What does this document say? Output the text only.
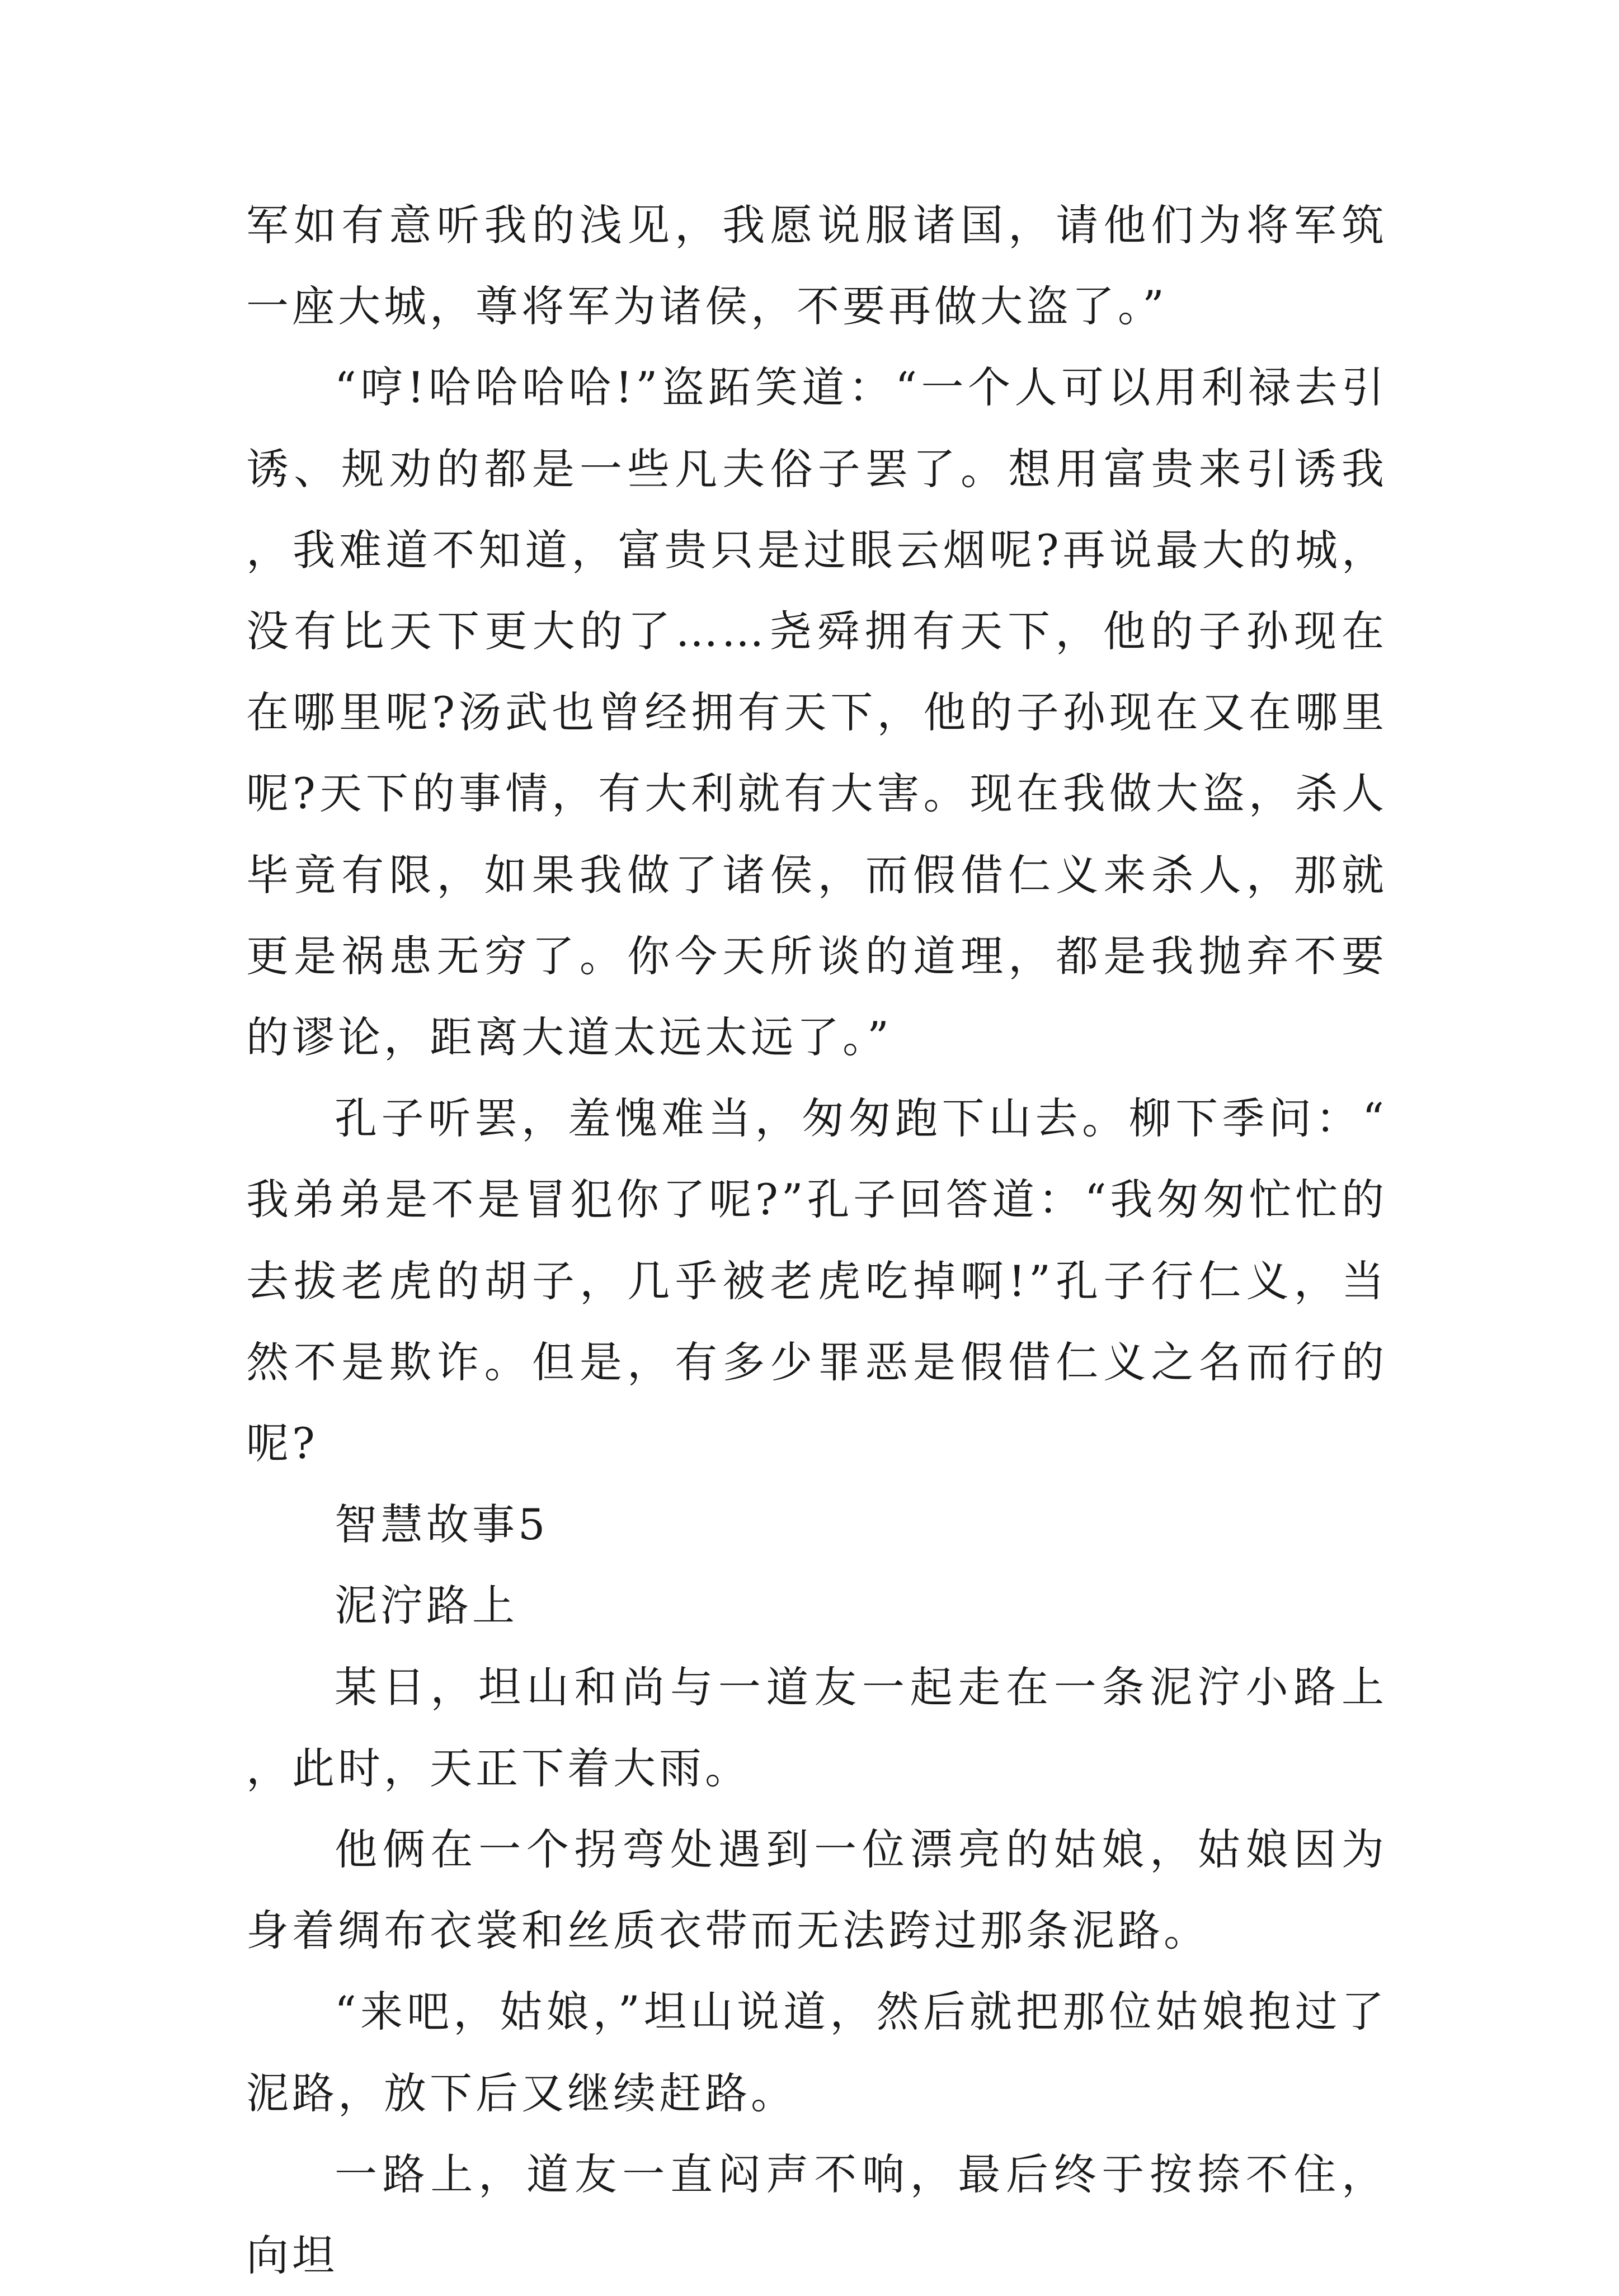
军如有意听我的浅见，我愿说服诸国，请他们为将军筑一座大城，尊将军为诸侯，不要再做大盗了。”

“哼!哈哈哈哈!”盗跖笑道：“一个人可以用利禄去引诱、规劝的都是一些凡夫俗子罢了。想用富贵来引诱我，我难道不知道，富贵只是过眼云烟呢?再说最大的城，没有比天下更大的了……尧舜拥有天下，他的子孙现在在哪里呢?汤武也曾经拥有天下，他的子孙现在又在哪里呢?天下的事情，有大利就有大害。现在我做大盗，杀人毕竟有限，如果我做了诸侯，而假借仁义来杀人，那就更是祸患无穷了。你今天所谈的道理，都是我抛弃不要的谬论，距离大道太远太远了。”

孔子听罢，羞愧难当，匆匆跑下山去。柳下季问：“我弟弟是不是冒犯你了呢?”孔子回答道：“我匆匆忙忙的去拔老虎的胡子，几乎被老虎吃掉啊!”孔子行仁义，当然不是欺诈。但是，有多少罪恶是假借仁义之名而行的呢?

智慧故事5

泥泞路上

某日，坦山和尚与一道友一起走在一条泥泞小路上，此时，天正下着大雨。

他俩在一个拐弯处遇到一位漂亮的姑娘，姑娘因为身着绸布衣裳和丝质衣带而无法跨过那条泥路。

“来吧，姑娘，”坦山说道，然后就把那位姑娘抱过了泥路，放下后又继续赶路。

一路上，道友一直闷声不响，最后终于按捺不住，向坦
